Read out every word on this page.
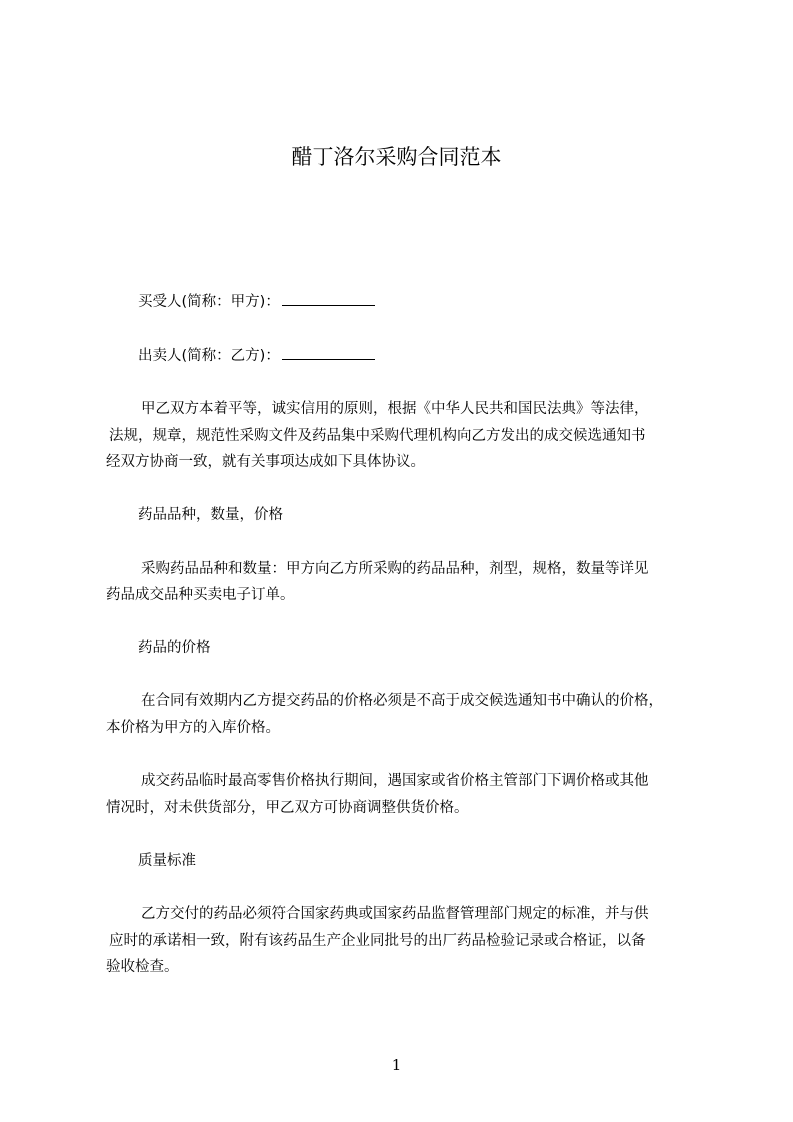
醋丁洛尔采购合同范本
买受人(简称：甲方)：
出卖人(简称：乙方)：
甲乙双方本着平等，诚实信用的原则，根据《中华人民共和国民法典》等法律，
法规，规章，规范性采购文件及药品集中采购代理机构向乙方发出的成交候选通知书
经双方协商一致，就有关事项达成如下具体协议。
药品品种，数量，价格
采购药品品种和数量：甲方向乙方所采购的药品品种，剂型，规格，数量等详见
药品成交品种买卖电子订单。
药品的价格
在合同有效期内乙方提交药品的价格必须是不高于成交候选通知书中确认的价格，
本价格为甲方的入库价格。
成交药品临时最高零售价格执行期间，遇国家或省价格主管部门下调价格或其他
情况时，对未供货部分，甲乙双方可协商调整供货价格。
质量标准
乙方交付的药品必须符合国家药典或国家药品监督管理部门规定的标准，并与供
应时的承诺相一致，附有该药品生产企业同批号的出厂药品检验记录或合格证，以备
验收检查。
1
